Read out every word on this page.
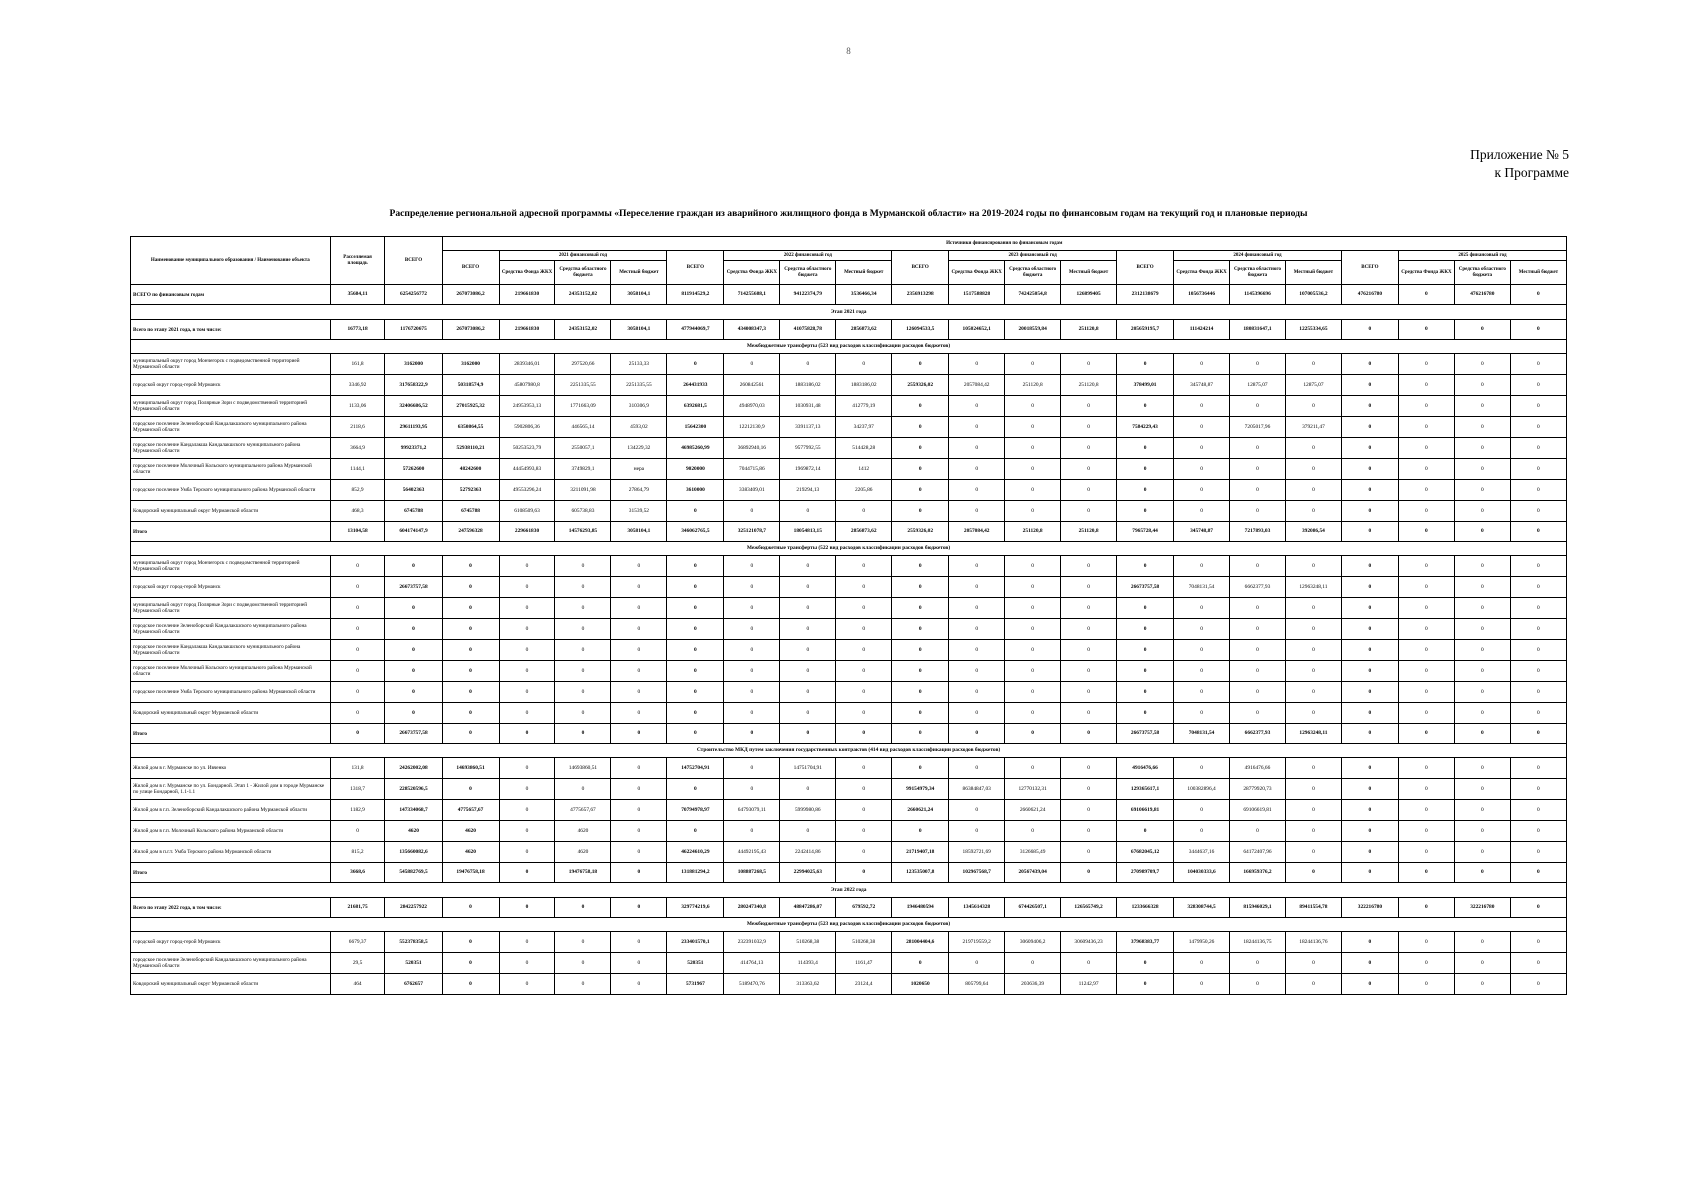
8
Приложение № 5
к Программе
Распределение региональной адресной программы «Переселение граждан из аварийного жилищного фонда в Мурманской области» на 2019-2024 годы по финансовым годам на текущий год и плановые периоды
Наименование муниципального образования / Наименование объекта	Расселяемая площадь	ВСЕГО	Источники финансирования по финансовым годам																			
			ВСЕГО	2021 финансовый год			ВСЕГО	2022 финансовый год			ВСЕГО	2023 финансовый год			ВСЕГО	2024 финансовый год			ВСЕГО	2025 финансовый год		
				Средства Фонда ЖКХ	Средства областного бюджета	Местный бюджет		Средства Фонда ЖКХ	Средства областного бюджета	Местный бюджет		Средства Фонда ЖКХ	Средства областного бюджета	Местный бюджет		Средства Фонда ЖКХ	Средства областного бюджета	Местный бюджет		Средства Фонда ЖКХ	Средства областного бюджета	Местный бюджет
ВСЕГО по финансовым годам	35684,11	6254256772	267073086,2	219661830	24353152,02	3058104,1	811914529,2	714255688,1	94122374,79	3536466,34	2356913298	1517588828	742425054,8	126899405	2312138679	1056736446	1145396696	107005536,2	476216780	0	476216780	0
Этап 2021 года																						
Всего по этапу 2021 года, в том числе:	16773,18	1176720675	267073086,2	219661830	24353152,02	3058104,1	477944069,7	434008347,3	41075828,78	2856873,62	126094533,5	105024652,1	20018559,84	251120,8	205659195,7	111424214	180831647,1	12255334,65	0	0	0	0
Межбюджетные трансферты (523 вид расходов классификации расходов бюджетов)																						
муниципальный округ город Мончегорск с подведомственной территорией Мурманской области	161,8	3162000	3162000	2839346,01	297520,66	25133,33	0	0	0	0	0	0	0	0	0	0	0	0	0	0	0	0
городской округ город-герой Мурманск	3346,92	317658322,9	50318574,9	45807980,8	2251335,55	2251335,55	264431933	260842561	1883186,02	1883186,02	2559326,02	2057084,42	251120,8	251120,8	378499,01	345748,87	12875,07	12875,07	0	0	0	0
муниципальный округ город Полярные Зори с подведомственной территорией Мурманской области	1133,06	32406686,52	27015925,32	24953953,13	1771663,09	310306,9	6392681,5	4948970,03	1030931,48	412779,19	0	0	0	0	0	0	0	0	0	0	0	0
городское поселение Зеленоборский Кандалакшского муниципального района Мурманской области	2118,6	29611193,95	6350864,55	5902806,36	446565,14	4593,02	15642300	12212130,9	3391137,13	34237,97	0	0	0	0	7584229,43	0	7205017,96	379211,47	0	0	0	0
городское поселение Кандалакша Кандалакшского муниципального района Мурманской области	3664,9	99923371,2	52938110,21	50253523,79	2550057,1	134229,32	46985260,99	36892940,16	9577992,55	514428,28	0	0	0	0	0	0	0	0	0	0	0	0
городское поселение Молочный Кольского муниципального района Мурманской области	1144,1	57262600	48242600	44454993,83	3749829,1	нера	9020000	7044715,86	1969872,14	1412	0	0	0	0	0	0	0	0	0	0	0	0
городское поселение Умба Терского муниципального района Мурманской области	852,9	56402363	52792363	49553296,24	3211091,98	27864,79	3610000	3383409,01	219294,13	2205,86	0	0	0	0	0	0	0	0	0	0	0	0
Ковдорский муниципальный округ Мурманской области	468,3	6745788	6745788	6108509,63	605738,83	31539,52	0	0	0	0	0	0	0	0	0	0	0	0	0	0	0	0
Итого	13104,58	604174147,9	247596328	229661830	14576293,85	3058104,1	346062765,5	325121078,7	18054813,15	2856873,62	2559326,02	2057084,42	251120,8	251120,8	7965728,44	345748,87	7217893,03	392086,54	0	0	0	0
Межбюджетные трансферты (522 вид расходов классификации расходов бюджетов)																						
муниципальный округ город Мончегорск с подведомственной территорией Мурманской области	0	0	0	0	0	0	0	0	0	0	0	0	0	0	0	0	0	0	0	0	0	0
городской округ город-герой Мурманск	0	26673757,58	0	0	0	0	0	0	0	0	0	0	0	0	26673757,58	7048131,54	6662377,93	12963248,11	0	0	0	0
муниципальный округ город Полярные Зори с подведомственной территорией Мурманской области	0	0	0	0	0	0	0	0	0	0	0	0	0	0	0	0	0	0	0	0	0	0
городское поселение Зеленоборский Кандалакшского муниципального района Мурманской области	0	0	0	0	0	0	0	0	0	0	0	0	0	0	0	0	0	0	0	0	0	0
городское поселение Кандалакша Кандалакшского муниципального района Мурманской области	0	0	0	0	0	0	0	0	0	0	0	0	0	0	0	0	0	0	0	0	0	0
городское поселение Молочный Кольского муниципального района Мурманской области	0	0	0	0	0	0	0	0	0	0	0	0	0	0	0	0	0	0	0	0	0	0
городское поселение Умба Терского муниципального района Мурманской области	0	0	0	0	0	0	0	0	0	0	0	0	0	0	0	0	0	0	0	0	0	0
Ковдорский муниципальный округ Мурманской области	0	0	0	0	0	0	0	0	0	0	0	0	0	0	0	0	0	0	0	0	0	0
Итого	0	26673757,58	0	0	0	0	0	0	0	0	0	0	0	0	26673757,58	7048131,54	6662377,93	12963248,11	0	0	0	0
Строительство МКД путем заключения государственных контрактов (414 вид расходов классификации расходов бюджетов)																						
Жилой дом в г. Мурманске по ул. Ивченко	131,8	24262002,08	14693860,51	0	14693860,51	0	14752704,91	0	14751704,91	0	0	0	0	0	4916476,66	0	4916476,66	0	0	0	0	0
Жилой дом в г. Мурманске по ул. Бондарной. Этап 1 - Жилой дом в городе Мурманске по улице Бондарной, 1.1-1.1	1318,7	228520596,5	0	0	0	0	0	0	0	0	99154979,34	86384847,03	12770132,31	0	129365617,1	100382896,4	28779920,73	0	0	0	0	0
Жилой дом в г.п. Зеленоборский Кандалакшского района Мурманской области	1182,9	147334068,7	4775657,67	0	4775657,67	0	70794978,97	64793079,11	5999980,86	0	2660621,24	0	2660621,24	0	69106619,81	0	69106619,81	0	0	0	0	0
Жилой дом в г.п. Молочный Кольского района Мурманской области	0	4620	4620	0	4620	0	0	0	0	0	0	0	0	0	0	0	0	0	0	0	0	0
Жилой дом в п.г.т. Умба Терского района Мурманской области	815,2	135660082,6	4620	0	4620	0	46224610,29	44492195,43	2242414,86	0	21719407,18	18592721,69	3126685,49	0	67682045,12	3444637,16	64172407,96	0	0	0	0	0
Итого	3668,6	545882769,5	19476758,18	0	19476758,18	0	131881294,2	108887268,5	22994025,63	0	123535007,8	102967568,7	20567439,04	0	270989709,7	104030333,6	166959376,2	0	0	0	0	0
Этап 2022 года																						
Всего по этапу 2022 года, в том числе:	21681,75	2842257922	0	0	0	0	329774219,6	280247340,8	48847286,07	679592,72	1946480594	1345614328	674426507,1	126565749,2	1233666328	328308744,5	815946029,1	89411554,78	322216780	0	322216780	0
Межбюджетные трансферты (523 вид расходов классификации расходов бюджетов)																						
городской округ город-герой Мурманск	6679,37	552378358,5	0	0	0	0	233401570,1	232391032,9	510268,38	510268,38	281004404,6	219719559,2	30609406,2	30609436,23	37968383,77	1479950,26	18244136,75	18244136,76	0	0	0	0
городское поселение Зеленоборский Кандалакшского муниципального района Мурманской области	29,5	520351	0	0	0	0	520351	414764,13	114393,4	1161,47	0	0	0	0	0	0	0	0	0	0	0	0
Ковдорский муниципальный округ Мурманской области	464	6762657	0	0	0	0	5731967	5189470,76	313363,62	23124,4	1020650	805799,64	203636,39	11242,97	0	0	0	0	0	0	0	0
